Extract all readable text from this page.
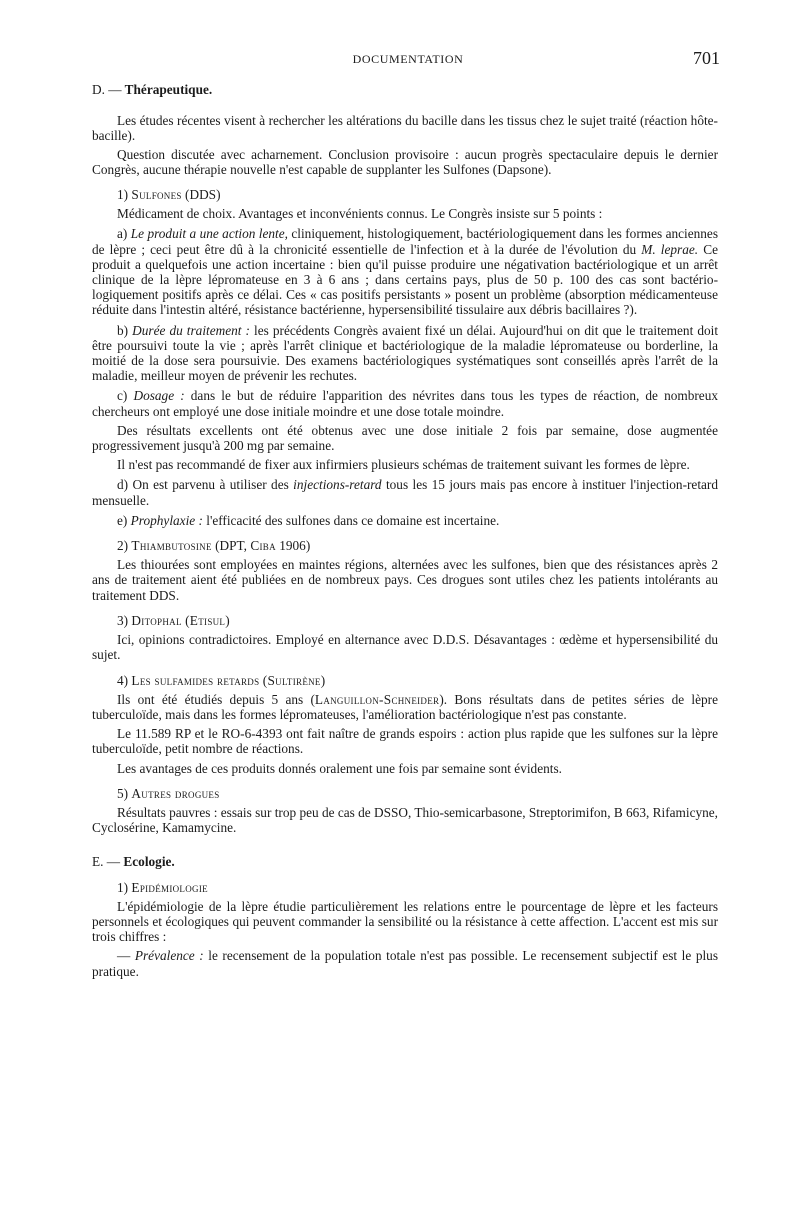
DOCUMENTATION	701

D. — Thérapeutique.

Les études récentes visent à rechercher les altérations du bacille dans les tissus chez le sujet traité (réaction hôte-bacille).

Question discutée avec acharnement. Conclusion provisoire : aucun progrès spectaculaire depuis le dernier Congrès, aucune thérapie nouvelle n'est capable de supplanter les Sulfones (Dapsone).

1) Sulfones (DDS)

Médicament de choix. Avantages et inconvénients connus. Le Congrès insiste sur 5 points :

a) Le produit a une action lente, cliniquement, histologiquement, bactériologiquement dans les formes anciennes de lèpre ; ceci peut être dû à la chronicité essentielle de l'infection et à la durée de l'évolution du M. leprae. Ce produit a quelquefois une action incertaine : bien qu'il puisse produire une négativation bactériologique et un arrêt clinique de la lèpre lépromateuse en 3 à 6 ans ; dans certains pays, plus de 50 p. 100 des cas sont bactériologiquement positifs après ce délai. Ces « cas positifs persistants » posent un problème (absorption médicamenteuse réduite dans l'intestin altéré, résistance bactérienne, hypersensibilité tissulaire aux débris bacillaires ?).

b) Durée du traitement : les précédents Congrès avaient fixé un délai. Aujourd'hui on dit que le traitement doit être poursuivi toute la vie ; après l'arrêt clinique et bactériologique de la maladie lépromateuse ou borderline, la moitié de la dose sera poursuivie. Des examens bactériologiques systématiques sont conseillés après l'arrêt de la maladie, meilleur moyen de prévenir les rechutes.

c) Dosage : dans le but de réduire l'apparition des névrites dans tous les types de réaction, de nombreux chercheurs ont employé une dose initiale moindre et une dose totale moindre.

Des résultats excellents ont été obtenus avec une dose initiale 2 fois par semaine, dose augmentée progressivement jusqu'à 200 mg par semaine.

Il n'est pas recommandé de fixer aux infirmiers plusieurs schémas de traitement suivant les formes de lèpre.

d) On est parvenu à utiliser des injections-retard tous les 15 jours mais pas encore à instituer l'injection-retard mensuelle.

e) Prophylaxie : l'efficacité des sulfones dans ce domaine est incertaine.

2) Thiambutosine (DPT, Ciba 1906)

Les thiourées sont employées en maintes régions, alternées avec les sulfones, bien que des résistances après 2 ans de traitement aient été publiées en de nombreux pays. Ces drogues sont utiles chez les patients intolérants au traitement DDS.

3) Ditophal (Etisul)

Ici, opinions contradictoires. Employé en alternance avec D.D.S. Désavantages : œdème et hypersensibilité du sujet.

4) Les sulfamides retards (Sultirène)

Ils ont été étudiés depuis 5 ans (Languillon-Schneider). Bons résultats dans de petites séries de lèpre tuberculoïde, mais dans les formes lépromateuses, l'amélioration bactériologique n'est pas constante.

Le 11.589 RP et le RO-6-4393 ont fait naître de grands espoirs : action plus rapide que les sulfones sur la lèpre tuberculoïde, petit nombre de réactions.

Les avantages de ces produits donnés oralement une fois par semaine sont évidents.

5) Autres drogues

Résultats pauvres : essais sur trop peu de cas de DSSO, Thio-semicarbasone, Streptorimifon, B 663, Rifamicyne, Cyclosérine, Kamamycine.

E. — Ecologie.

1) Epidémiologie

L'épidémiologie de la lèpre étudie particulièrement les relations entre le pourcentage de lèpre et les facteurs personnels et écologiques qui peuvent commander la sensibilité ou la résistance à cette affection. L'accent est mis sur trois chiffres :

— Prévalence : le recensement de la population totale n'est pas possible. Le recensement subjectif est le plus pratique.
